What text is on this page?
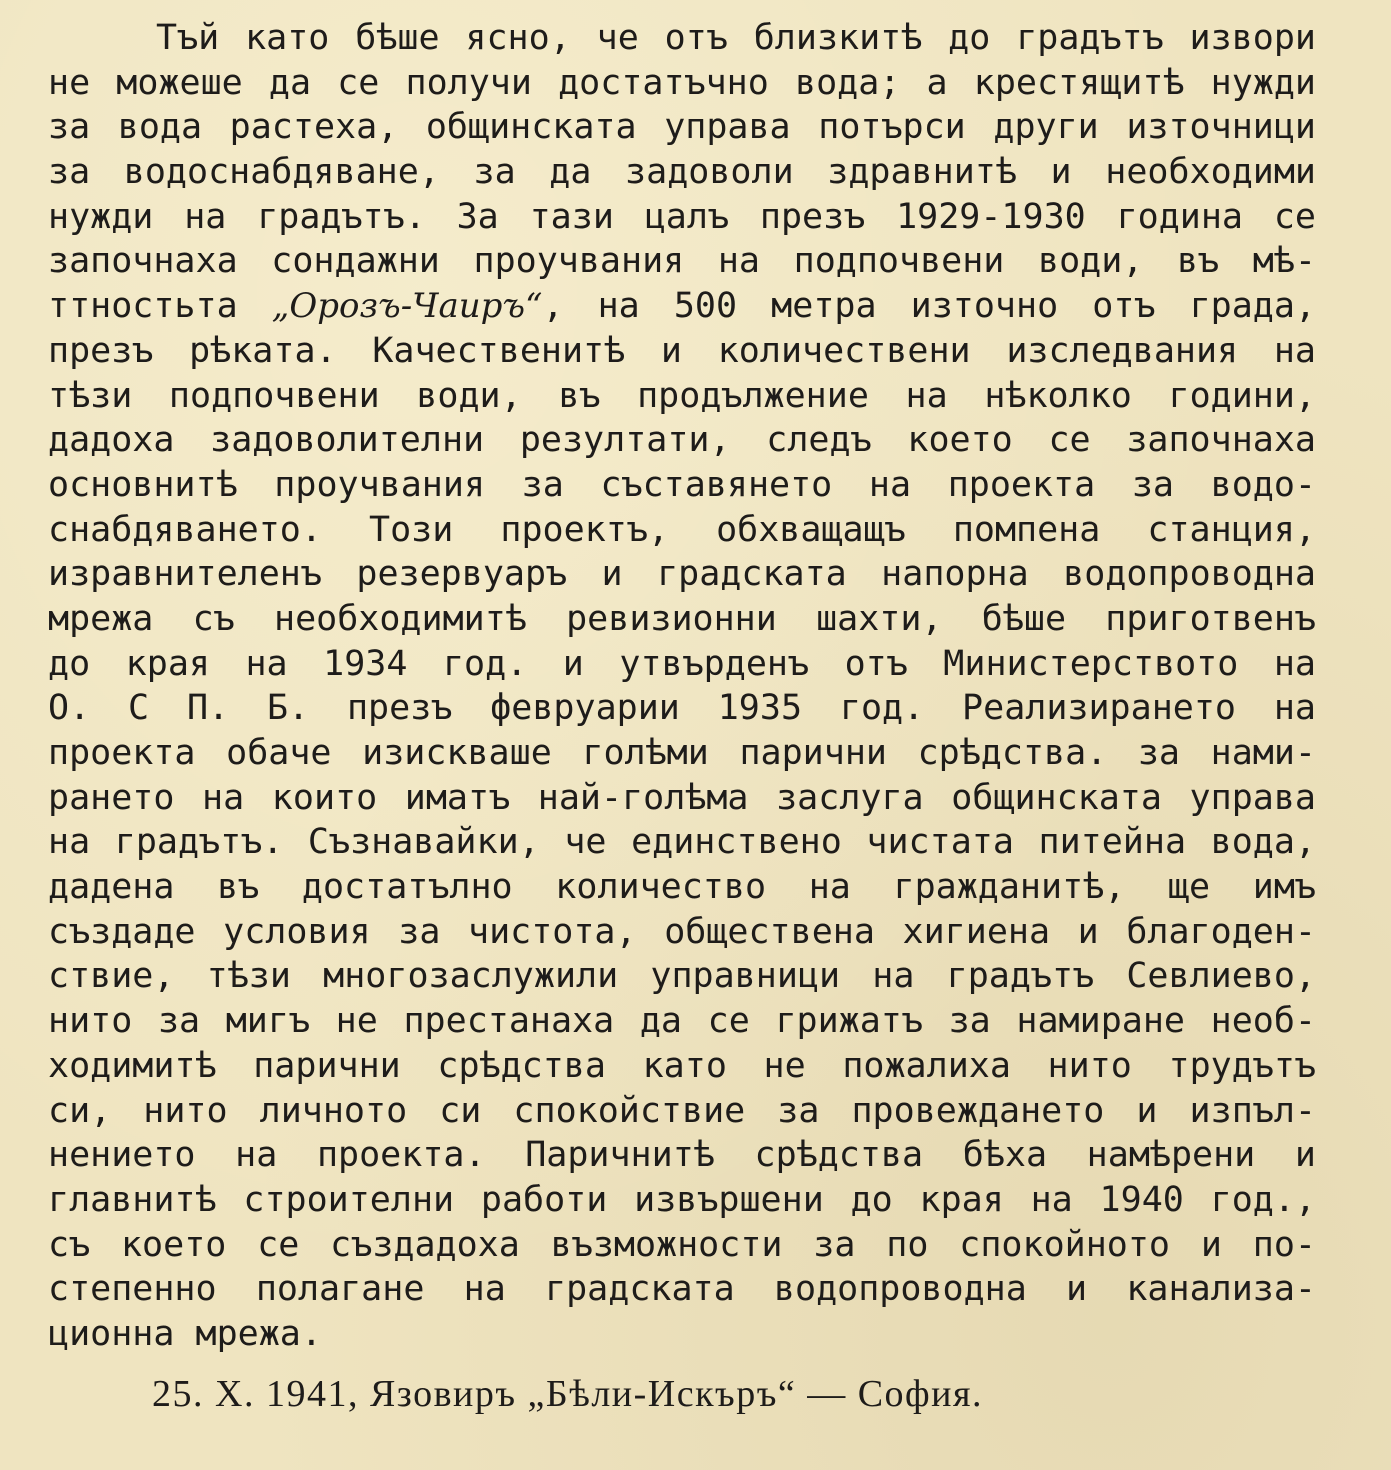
Тъй като бѣше ясно, че отъ близкитѣ до градътъ извори
не можеше да се получи достатъчно вода; а крестящитѣ нужди
за вода растеха, общинската управа потърси други източници
за водоснабдяване, за да задоволи здравнитѣ и необходими
нужди на градътъ. За тази цалъ презъ 1929-1930 година се
започнаха сондажни проучвания на подпочвени води, въ мѣ-
ттностьта „Орозъ-Чаиръ“, на 500 метра източно отъ града,
презъ рѣката. Качественитѣ и количествени изследвания на
тѣзи подпочвени води, въ продължение на нѣколко години,
дадоха задоволителни резултати, следъ което се започнаха
основнитѣ проучвания за съставянето на проекта за водо-
снабдяването. Този проектъ, обхващащъ помпена станция,
изравнителенъ резервуаръ и градската напорна водопроводна
мрежа съ необходимитѣ ревизионни шахти, бѣше приготвенъ
до края на 1934 год. и утвърденъ отъ Министерството на
О. С П. Б. презъ февруарии 1935 год. Реализирането на
проекта обаче изискваше голѣми парични срѣдства. за нами-
рането на които иматъ най-голѣма заслуга общинската управа
на градътъ. Съзнавайки, че единствено чистата питейна вода,
дадена въ достатълно количество на гражданитѣ, ще имъ
създаде условия за чистота, обществена хигиена и благоден-
ствие, тѣзи многозаслужили управници на градътъ Севлиево,
нито за мигъ не престанаха да се грижатъ за намиране необ-
ходимитѣ парични срѣдства като не пожалиха нито трудътъ
си, нито личното си спокойствие за провеждането и изпъл-
нението на проекта. Паричнитѣ срѣдства бѣха намѣрени и
главнитѣ строителни работи извършени до края на 1940 год.,
съ което се създадоха възможности за по спокойното и по-
степенно полагане на градската водопроводна и канализа-
ционна мрежа.

25. X. 1941, Язовиръ „Бѣли-Искъръ“ — София.
